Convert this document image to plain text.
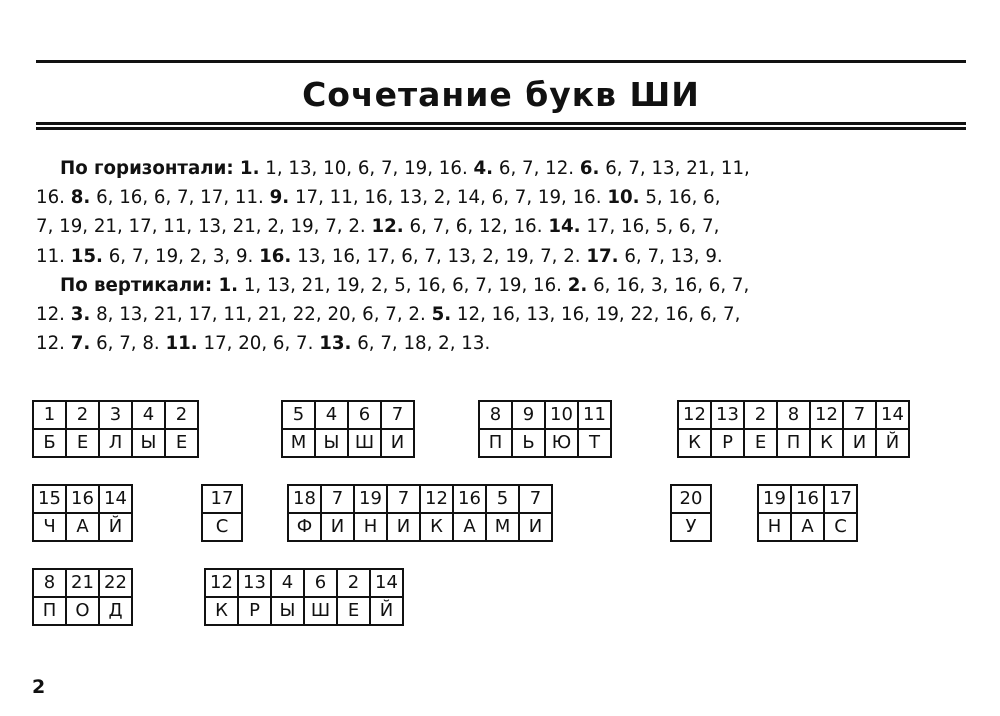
Сочетание букв ШИ
По горизонтали: 1. 1, 13, 10, 6, 7, 19, 16. 4. 6, 7, 12. 6. 6, 7, 13, 21, 11,
16. 8. 6, 16, 6, 7, 17, 11. 9. 17, 11, 16, 13, 2, 14, 6, 7, 19, 16. 10. 5, 16, 6,
7, 19, 21, 17, 11, 13, 21, 2, 19, 7, 2. 12. 6, 7, 6, 12, 16. 14. 17, 16, 5, 6, 7,
11. 15. 6, 7, 19, 2, 3, 9. 16. 13, 16, 17, 6, 7, 13, 2, 19, 7, 2. 17. 6, 7, 13, 9.
По вертикали: 1. 1, 13, 21, 19, 2, 5, 16, 6, 7, 19, 16. 2. 6, 16, 3, 16, 6, 7,
12. 3. 8, 13, 21, 17, 11, 21, 22, 20, 6, 7, 2. 5. 12, 16, 13, 16, 19, 22, 16, 6, 7,
12. 7. 6, 7, 8. 11. 17, 20, 6, 7. 13. 6, 7, 18, 2, 13.
1	2	3	4	2
Б	Е	Л	Ы	Е
5	4	6	7
М	Ы	Ш	И
8	9	10	11
П	Ь	Ю	Т
12	13	2	8	12	7	14
К	Р	Е	П	К	И	Й
15	16	14
Ч	А	Й
17
С
18	7	19	7	12	16	5	7
Ф	И	Н	И	К	А	М	И
20
У
19	16	17
Н	А	С
8	21	22
П	О	Д
12	13	4	6	2	14
К	Р	Ы	Ш	Е	Й
2
